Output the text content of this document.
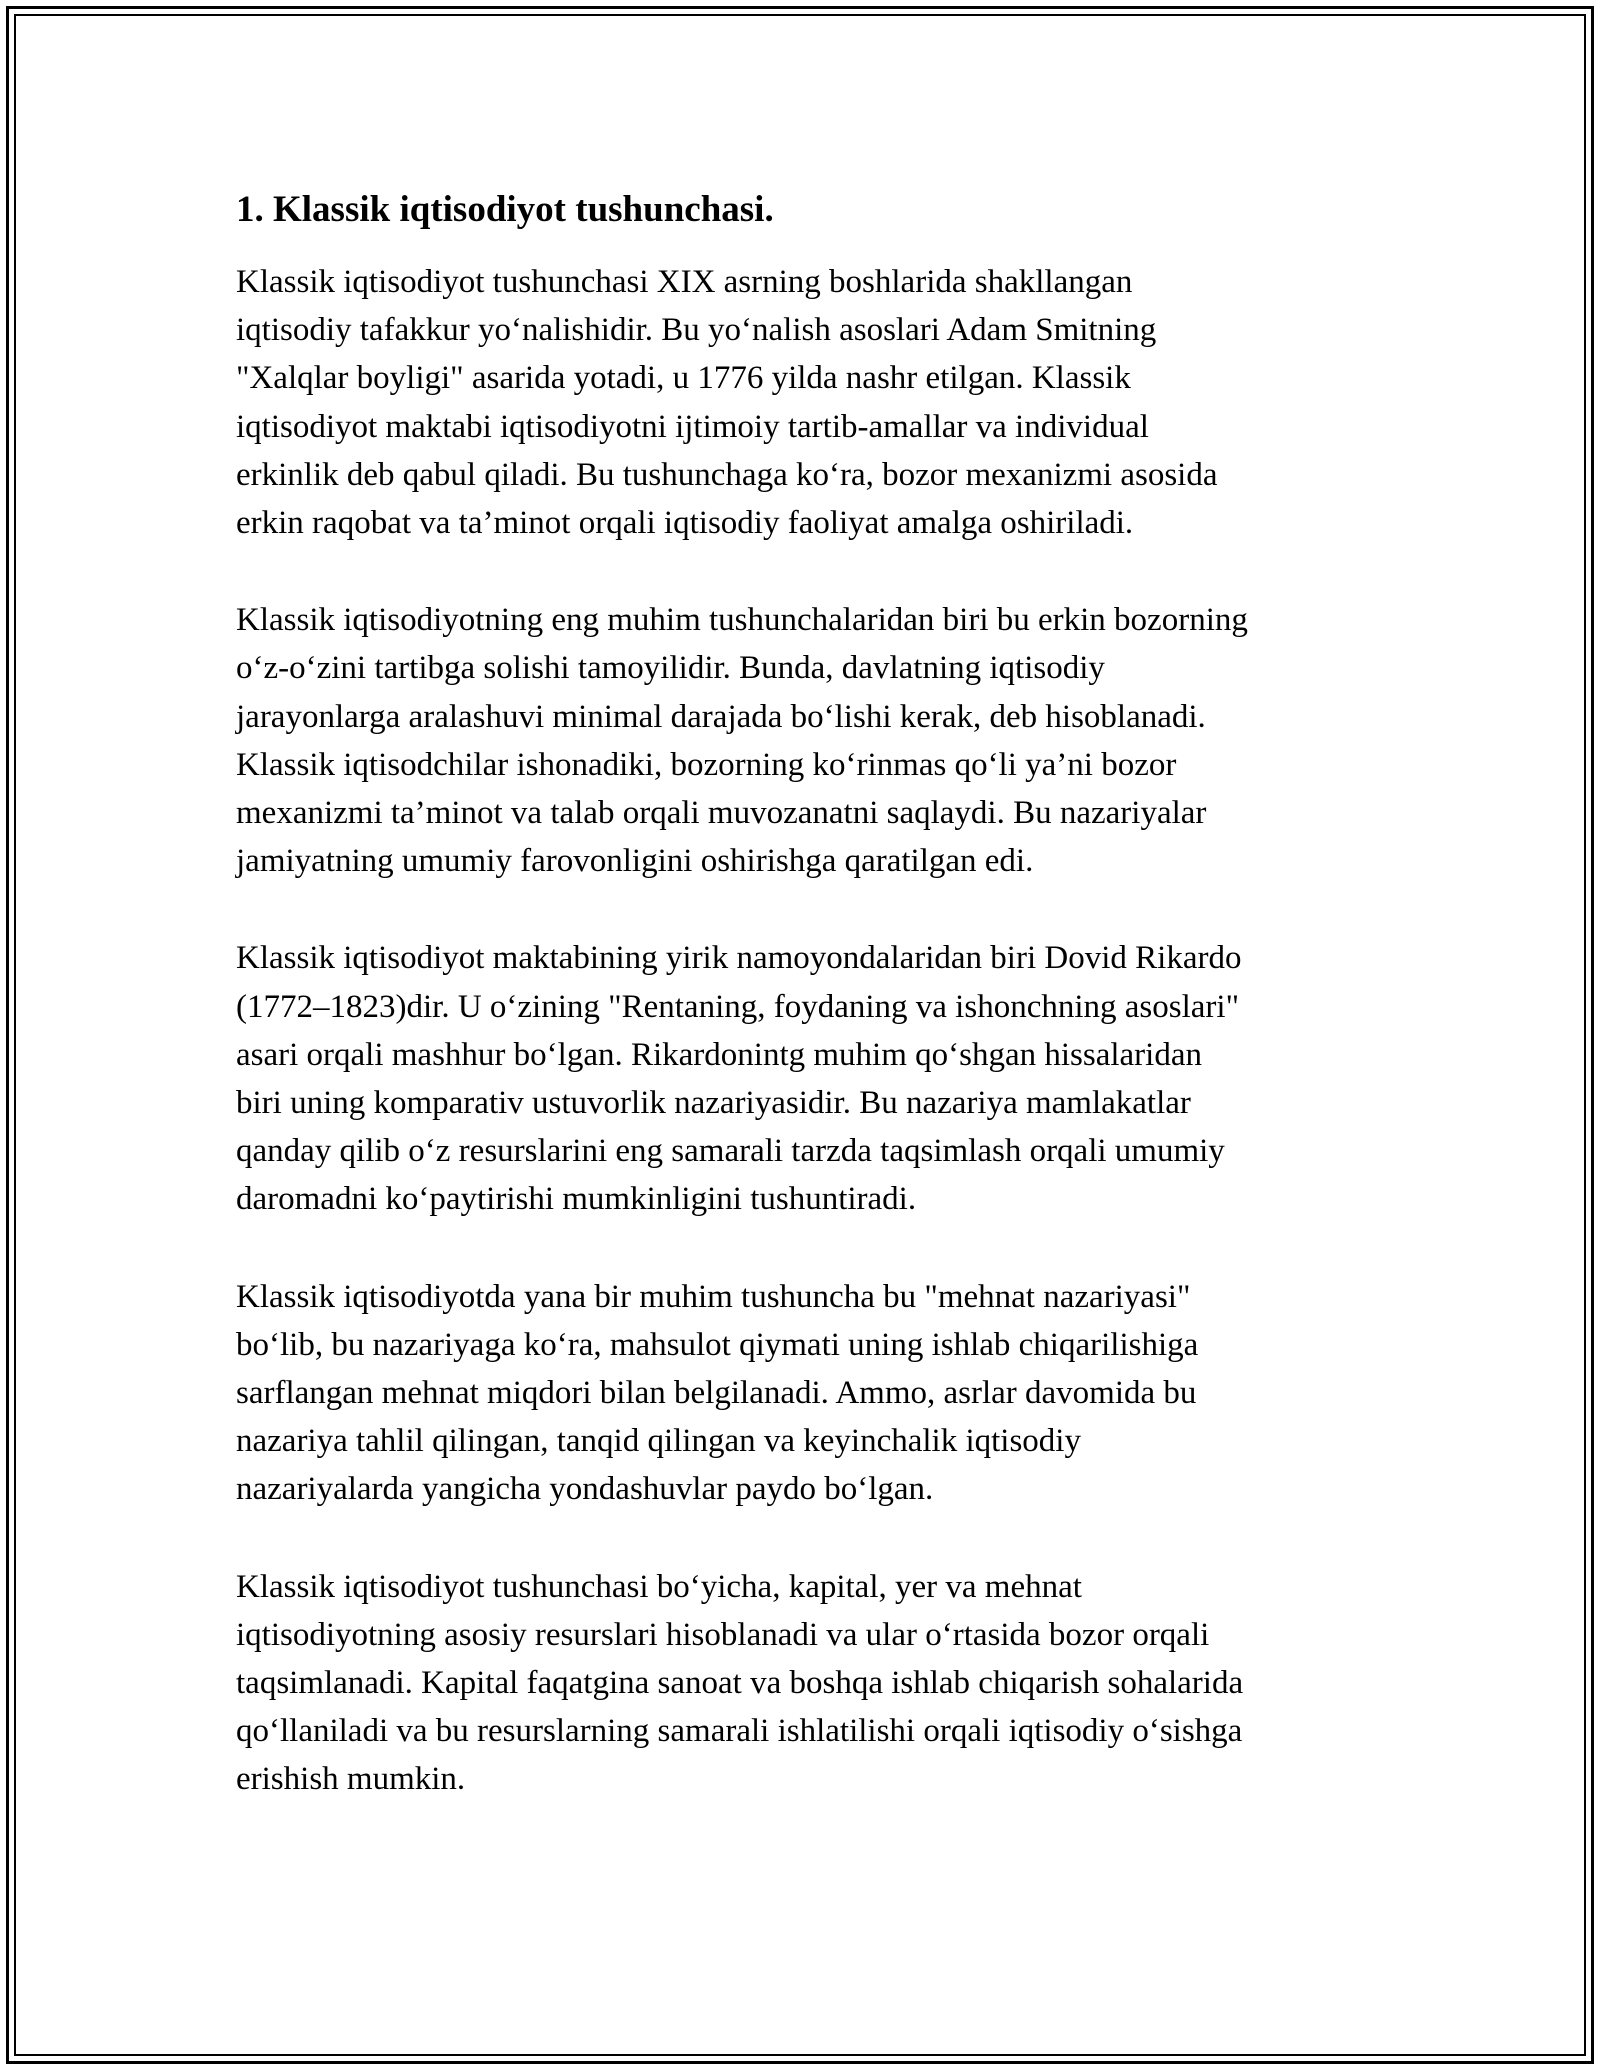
1. Klassik iqtisodiyot tushunchasi.

Klassik iqtisodiyot tushunchasi XIX asrning boshlarida shakllangan
iqtisodiy tafakkur yo‘nalishidir. Bu yo‘nalish asoslari Adam Smitning
"Xalqlar boyligi" asarida yotadi, u 1776 yilda nashr etilgan. Klassik
iqtisodiyot maktabi iqtisodiyotni ijtimoiy tartib-amallar va individual
erkinlik deb qabul qiladi. Bu tushunchaga ko‘ra, bozor mexanizmi asosida
erkin raqobat va ta’minot orqali iqtisodiy faoliyat amalga oshiriladi.

Klassik iqtisodiyotning eng muhim tushunchalaridan biri bu erkin bozorning
o‘z-o‘zini tartibga solishi tamoyilidir. Bunda, davlatning iqtisodiy
jarayonlarga aralashuvi minimal darajada bo‘lishi kerak, deb hisoblanadi.
Klassik iqtisodchilar ishonadiki, bozorning ko‘rinmas qo‘li ya’ni bozor
mexanizmi ta’minot va talab orqali muvozanatni saqlaydi. Bu nazariyalar
jamiyatning umumiy farovonligini oshirishga qaratilgan edi.

Klassik iqtisodiyot maktabining yirik namoyondalaridan biri Dovid Rikardo
(1772–1823)dir. U o‘zining "Rentaning, foydaning va ishonchning asoslari"
asari orqali mashhur bo‘lgan. Rikardonintg muhim qo‘shgan hissalaridan
biri uning komparativ ustuvorlik nazariyasidir. Bu nazariya mamlakatlar
qanday qilib o‘z resurslarini eng samarali tarzda taqsimlash orqali umumiy
daromadni ko‘paytirishi mumkinligini tushuntiradi.

Klassik iqtisodiyotda yana bir muhim tushuncha bu "mehnat nazariyasi"
bo‘lib, bu nazariyaga ko‘ra, mahsulot qiymati uning ishlab chiqarilishiga
sarflangan mehnat miqdori bilan belgilanadi. Ammo, asrlar davomida bu
nazariya tahlil qilingan, tanqid qilingan va keyinchalik iqtisodiy
nazariyalarda yangicha yondashuvlar paydo bo‘lgan.

Klassik iqtisodiyot tushunchasi bo‘yicha, kapital, yer va mehnat
iqtisodiyotning asosiy resurslari hisoblanadi va ular o‘rtasida bozor orqali
taqsimlanadi. Kapital faqatgina sanoat va boshqa ishlab chiqarish sohalarida
qo‘llaniladi va bu resurslarning samarali ishlatilishi orqali iqtisodiy o‘sishga
erishish mumkin.
